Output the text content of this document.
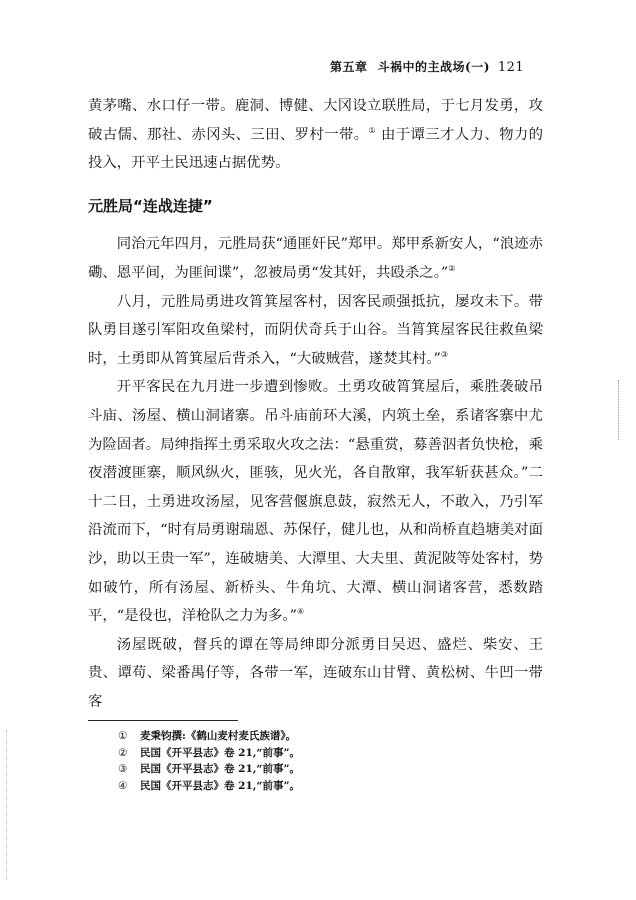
第五章 斗祸中的主战场(一) 121

黄茅嘴、水口仔一带。鹿洞、博健、大冈设立联胜局，于七月发勇，攻破古儒、那社、赤冈头、三田、罗村一带。① 由于谭三才人力、物力的投入，开平土民迅速占据优势。

元胜局“连战连捷”

同治元年四月，元胜局获“通匪奸民”郑甲。郑甲系新安人，“浪迹赤磡、恩平间，为匪间谍”，忽被局勇“发其奸，共殴杀之。”②

八月，元胜局勇进攻筲箕屋客村，因客民顽强抵抗，屡攻未下。带队勇目遂引军阳攻鱼梁村，而阴伏奇兵于山谷。当筲箕屋客民往救鱼梁时，土勇即从筲箕屋后背杀入，“大破贼营，遂焚其村。”③

开平客民在九月进一步遭到惨败。土勇攻破筲箕屋后，乘胜袭破吊斗庙、汤屋、横山洞诸寨。吊斗庙前环大溪，内筑土垒，系诸客寨中尤为险固者。局绅指挥土勇采取火攻之法：“悬重赏，募善泅者负快枪，乘夜潜渡匪寨，顺风纵火，匪骇，见火光，各自散窜，我军斩获甚众。”二十二日，土勇进攻汤屋，见客营偃旗息鼓，寂然无人，不敢入，乃引军沿流而下，“时有局勇谢瑞恩、苏保仔，健儿也，从和尚桥直趋塘美对面沙，助以王贵一军”，连破塘美、大潭里、大夫里、黄泥陂等处客村，势如破竹，所有汤屋、新桥头、牛角坑、大潭、横山洞诸客营，悉数踏平，“是役也，洋枪队之力为多。”④

汤屋既破，督兵的谭在等局绅即分派勇目吴迟、盛烂、柴安、王贵、谭苟、梁番禺仔等，各带一军，连破东山甘臂、黄松树、牛凹一带客

① 麦秉钧撰:《鹤山麦村麦氏族谱》。
② 民国《开平县志》卷 21,“前事”。
③ 民国《开平县志》卷 21,“前事”。
④ 民国《开平县志》卷 21,“前事”。
